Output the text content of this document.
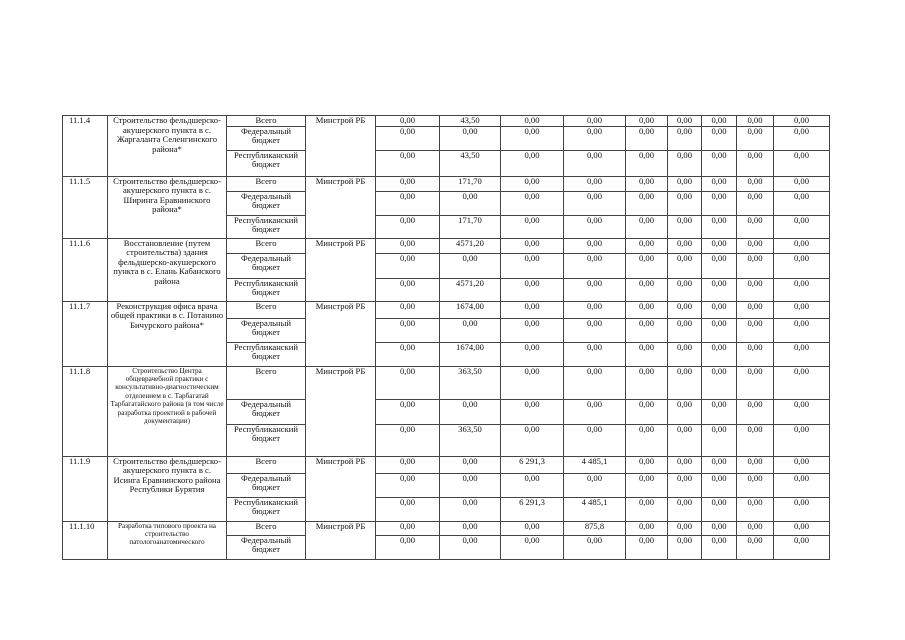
11.1.4	Строительство фельдшерско-акушерского пункта в с. Жаргаланта Селенгинского района*	Всего	Минстрой РБ	0,00	43,50	0,00	0,00	0,00	0,00	0,00	0,00	0,00
		Федеральный бюджет		0,00	0,00	0,00	0,00	0,00	0,00	0,00	0,00	0,00
		Республиканский бюджет		0,00	43,50	0,00	0,00	0,00	0,00	0,00	0,00	0,00
11.1.5	Строительство фельдшерско-акушерского пункта в с. Ширинга Еравнинского района*	Всего	Минстрой РБ	0,00	171,70	0,00	0,00	0,00	0,00	0,00	0,00	0,00
		Федеральный бюджет		0,00	0,00	0,00	0,00	0,00	0,00	0,00	0,00	0,00
		Республиканский бюджет		0,00	171,70	0,00	0,00	0,00	0,00	0,00	0,00	0,00
11.1.6	Восстановление (путем строительства) здания фельдшерско-акушерского пункта в с. Елань Кабанского района	Всего	Минстрой РБ	0,00	4571,20	0,00	0,00	0,00	0,00	0,00	0,00	0,00
		Федеральный бюджет		0,00	0,00	0,00	0,00	0,00	0,00	0,00	0,00	0,00
		Республиканский бюджет		0,00	4571,20	0,00	0,00	0,00	0,00	0,00	0,00	0,00
11.1.7	Реконструкция офиса врача общей практики в с. Потанино Бичурского района*	Всего	Минстрой РБ	0,00	1674,00	0,00	0,00	0,00	0,00	0,00	0,00	0,00
		Федеральный бюджет		0,00	0,00	0,00	0,00	0,00	0,00	0,00	0,00	0,00
		Республиканский бюджет		0,00	1674,00	0,00	0,00	0,00	0,00	0,00	0,00	0,00
11.1.8	Строительство Центра общеврачебной практики с консультативно-диагностическим отделением в с. Тарбагатай Тарбагатайского района (в том числе разработка проектной в рабочей документации)	Всего	Минстрой РБ	0,00	363,50	0,00	0,00	0,00	0,00	0,00	0,00	0,00
		Федеральный бюджет		0,00	0,00	0,00	0,00	0,00	0,00	0,00	0,00	0,00
		Республиканский бюджет		0,00	363,50	0,00	0,00	0,00	0,00	0,00	0,00	0,00
11.1.9	Строительство фельдшерско-акушерского пункта в с. Исинга Еравнинского района Республики Бурятия	Всего	Минстрой РБ	0,00	0,00	6 291,3	4 485,1	0,00	0,00	0,00	0,00	0,00
		Федеральный бюджет		0,00	0,00	0,00	0,00	0,00	0,00	0,00	0,00	0,00
		Республиканский бюджет		0,00	0,00	6 291,3	4 485,1	0,00	0,00	0,00	0,00	0,00
11.1.10	Разработка типового проекта на строительство патологоанатомического	Всего	Минстрой РБ	0,00	0,00	0,00	875,8	0,00	0,00	0,00	0,00	0,00
		Федеральный бюджет		0,00	0,00	0,00	0,00	0,00	0,00	0,00	0,00	0,00
